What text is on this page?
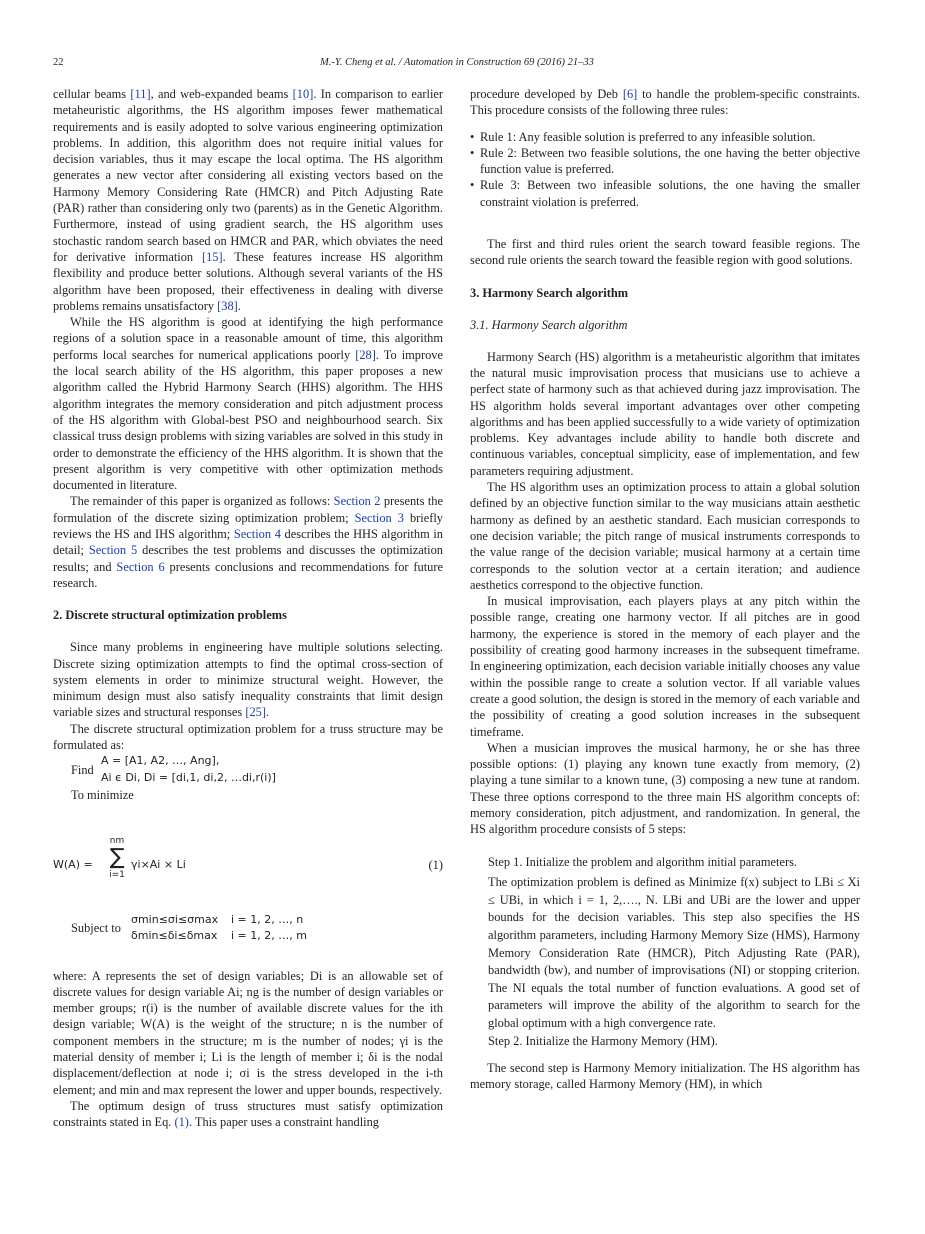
22	M.-Y. Cheng et al. / Automation in Construction 69 (2016) 21–33

cellular beams [11], and web-expanded beams [10]. In comparison to earlier metaheuristic algorithms, the HS algorithm imposes fewer mathematical requirements and is easily adopted to solve various engineering optimization problems. In addition, this algorithm does not require initial values for decision variables, thus it may escape the local optima. The HS algorithm generates a new vector after considering all existing vectors based on the Harmony Memory Considering Rate (HMCR) and Pitch Adjusting Rate (PAR) rather than considering only two (parents) as in the Genetic Algorithm. Furthermore, instead of using gradient search, the HS algorithm uses stochastic random search based on HMCR and PAR, which obviates the need for derivative information [15]. These features increase HS algorithm flexibility and produce better solutions. Although several variants of the HS algorithm have been proposed, their effectiveness in dealing with diverse problems remains unsatisfactory [38].

While the HS algorithm is good at identifying the high performance regions of a solution space in a reasonable amount of time, this algorithm performs local searches for numerical applications poorly [28]. To improve the local search ability of the HS algorithm, this paper proposes a new algorithm called the Hybrid Harmony Search (HHS) algorithm. The HHS algorithm integrates the memory consideration and pitch adjustment process of the HS algorithm with Global-best PSO and neighbourhood search. Six classical truss design problems with sizing variables are solved in this study in order to demonstrate the efficiency of the HHS algorithm. It is shown that the present algorithm is very competitive with other optimization methods documented in literature.

The remainder of this paper is organized as follows: Section 2 presents the formulation of the discrete sizing optimization problem; Section 3 briefly reviews the HS and IHS algorithm; Section 4 describes the HHS algorithm in detail; Section 5 describes the test problems and discusses the optimization results; and Section 6 presents conclusions and recommendations for future research.

2. Discrete structural optimization problems

Since many problems in engineering have multiple solutions selecting. Discrete sizing optimization attempts to find the optimal cross-section of system elements in order to minimize structural weight. However, the minimum design must also satisfy inequality constraints that limit design variable sizes and structural responses [25].

The discrete structural optimization problem for a truss structure may be formulated as:

Find
A = [A1, A2, …, Ang],
Ai ϵ Di, Di = [di,1, di,2, …di,r(i)]

To minimize

W(A) =
nm
∑
i=1
γi×Ai × Li	(1)
Subject to
σmin≤σi≤σmax
δmin≤δi≤δmax
i = 1, 2, …, n
i = 1, 2, …, m

where: A represents the set of design variables; Di is an allowable set of discrete values for design variable Ai; ng is the number of design variables or member groups; r(i) is the number of available discrete values for the ith design variable; W(A) is the weight of the structure; n is the number of component members in the structure; m is the number of nodes; γi is the material density of member i; Li is the length of member i; δi is the nodal displacement/deflection at node i; σi is the stress developed in the i-th element; and min and max represent the lower and upper bounds, respectively.

The optimum design of truss structures must satisfy optimization constraints stated in Eq. (1). This paper uses a constraint handling

procedure developed by Deb [6] to handle the problem-specific constraints. This procedure consists of the following three rules:

• Rule 1: Any feasible solution is preferred to any infeasible solution.
• Rule 2: Between two feasible solutions, the one having the better objective function value is preferred.
• Rule 3: Between two infeasible solutions, the one having the smaller constraint violation is preferred.

The first and third rules orient the search toward feasible regions. The second rule orients the search toward the feasible region with good solutions.

3. Harmony Search algorithm
3.1. Harmony Search algorithm

Harmony Search (HS) algorithm is a metaheuristic algorithm that imitates the natural music improvisation process that musicians use to achieve a perfect state of harmony such as that achieved during jazz improvisation. The HS algorithm holds several important advantages over other competing algorithms and has been applied successfully to a wide variety of optimization problems. Key advantages include ability to handle both discrete and continuous variables, conceptual simplicity, ease of implementation, and few parameters requiring adjustment.

The HS algorithm uses an optimization process to attain a global solution defined by an objective function similar to the way musicians attain aesthetic harmony as defined by an aesthetic standard. Each musician corresponds to one decision variable; the pitch range of musical instruments corresponds to the value range of the decision variable; musical harmony at a certain time corresponds to the solution vector at a certain iteration; and audience aesthetics correspond to the objective function.

In musical improvisation, each players plays at any pitch within the possible range, creating one harmony vector. If all pitches are in good harmony, the experience is stored in the memory of each player and the possibility of creating good harmony increases in the subsequent timeframe. In engineering optimization, each decision variable initially chooses any value within the possible range to create a solution vector. If all variable values create a good solution, the design is stored in the memory of each variable and the possibility of creating a good solution increases in the subsequent timeframe.

When a musician improves the musical harmony, he or she has three possible options: (1) playing any known tune exactly from memory, (2) playing a tune similar to a known tune, (3) composing a new tune at random. These three options correspond to the three main HS algorithm concepts of: memory consideration, pitch adjustment, and randomization. In general, the HS algorithm procedure consists of 5 steps:

Step 1. Initialize the problem and algorithm initial parameters.

The optimization problem is defined as Minimize f(x) subject to LBi ≤ Xi ≤ UBi, in which i = 1, 2,…., N. LBi and UBi are the lower and upper bounds for the decision variables. This step also specifies the HS algorithm parameters, including Harmony Memory Size (HMS), Harmony Memory Consideration Rate (HMCR), Pitch Adjusting Rate (PAR), bandwidth (bw), and number of improvisations (NI) or stopping criterion. The NI equals the total number of function evaluations. A good set of parameters will improve the ability of the algorithm to search for the global optimum with a high convergence rate.

Step 2. Initialize the Harmony Memory (HM).

The second step is Harmony Memory initialization. The HS algorithm has memory storage, called Harmony Memory (HM), in which
